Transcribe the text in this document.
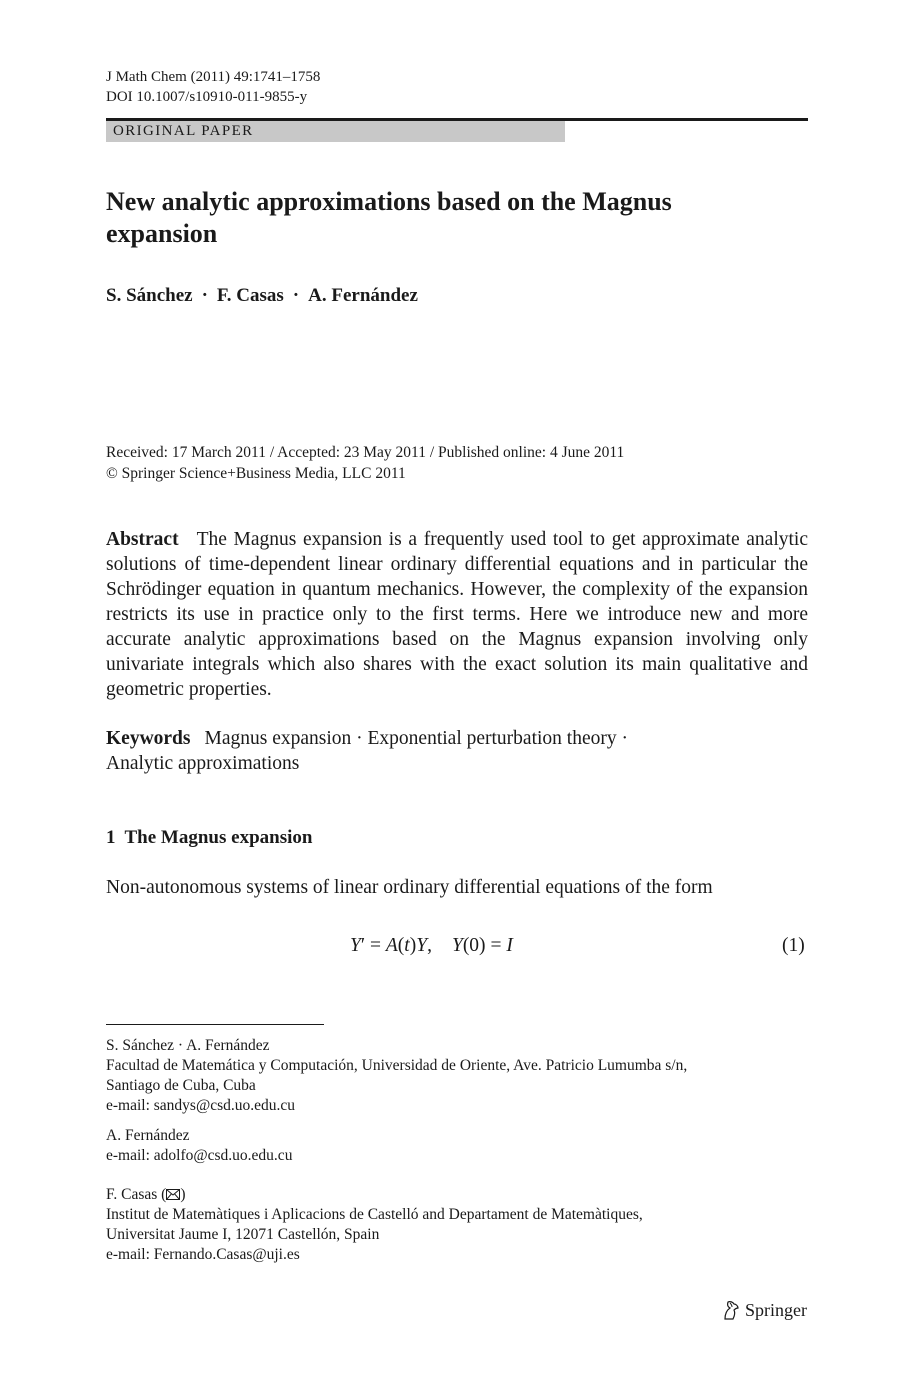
J Math Chem (2011) 49:1741–1758
DOI 10.1007/s10910-011-9855-y
ORIGINAL PAPER
New analytic approximations based on the Magnus
expansion
S. Sánchez · F. Casas · A. Fernández
Received: 17 March 2011 / Accepted: 23 May 2011 / Published online: 4 June 2011
© Springer Science+Business Media, LLC 2011
Abstract The Magnus expansion is a frequently used tool to get approximate analytic solutions of time-dependent linear ordinary differential equations and in particular the Schrödinger equation in quantum mechanics. However, the complexity of the expansion restricts its use in practice only to the first terms. Here we introduce new and more accurate analytic approximations based on the Magnus expansion involving only univariate integrals which also shares with the exact solution its main qualitative and geometric properties.
Keywords Magnus expansion · Exponential perturbation theory ·
Analytic approximations
1 The Magnus expansion
Non-autonomous systems of linear ordinary differential equations of the form
Y′ = A(t)Y, Y(0) = I	(1)
S. Sánchez · A. Fernández
Facultad de Matemática y Computación, Universidad de Oriente, Ave. Patricio Lumumba s/n,
Santiago de Cuba, Cuba
e-mail: sandys@csd.uo.edu.cu
A. Fernández
e-mail: adolfo@csd.uo.edu.cu
F. Casas ( )
Institut de Matemàtiques i Aplicacions de Castelló and Departament de Matemàtiques,
Universitat Jaume I, 12071 Castellón, Spain
e-mail: Fernando.Casas@uji.es
Springer
